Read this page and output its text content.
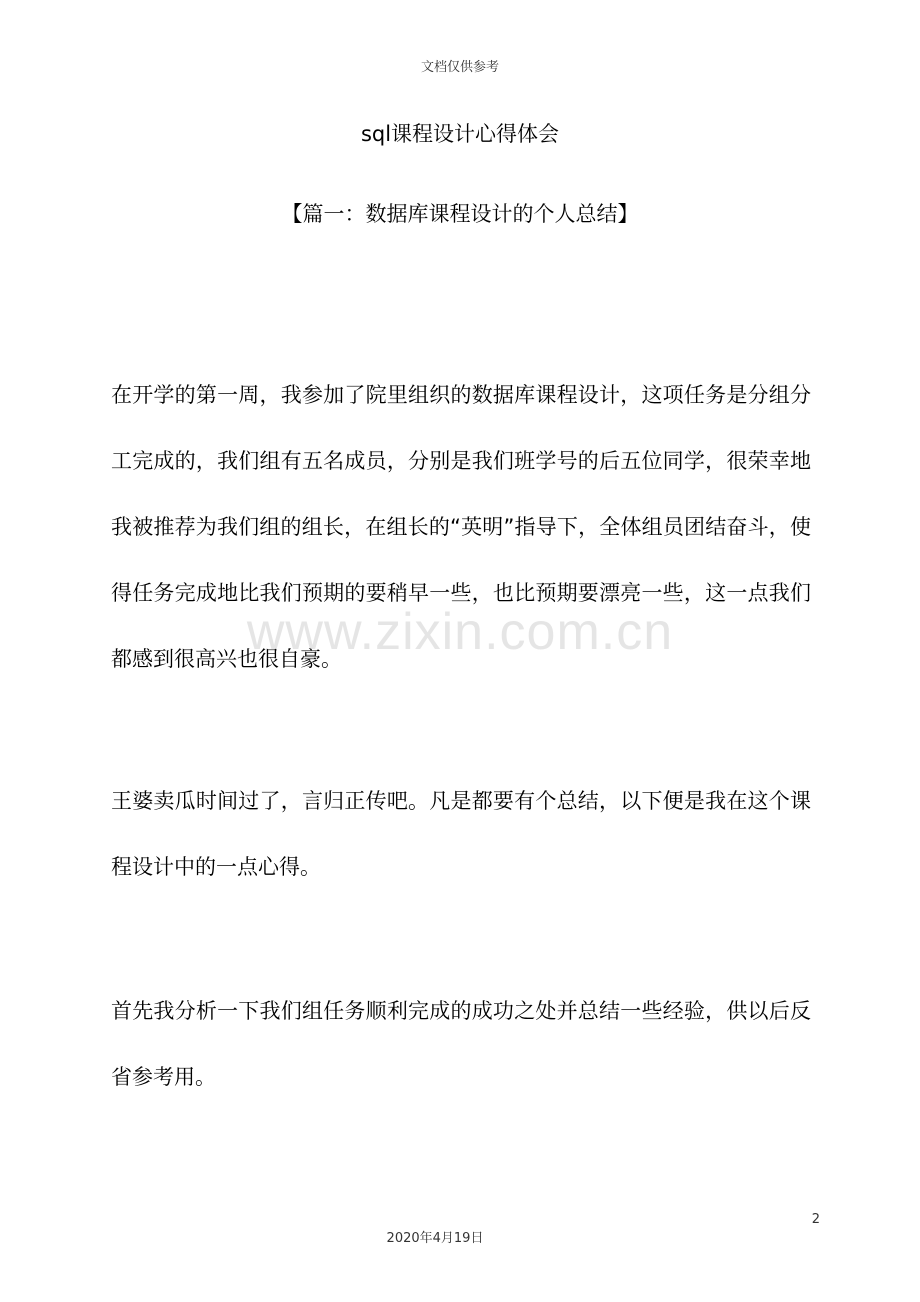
文档仅供参考
sql课程设计心得体会
【篇一：数据库课程设计的个人总结】

在开学的第一周，我参加了院里组织的数据库课程设计，这项任务是分组分工完成的，我们组有五名成员，分别是我们班学号的后五位同学，很荣幸地我被推荐为我们组的组长，在组长的“英明”指导下，全体组员团结奋斗，使得任务完成地比我们预期的要稍早一些，也比预期要漂亮一些，这一点我们都感到很高兴也很自豪。

www.zixin.com.cn

王婆卖瓜时间过了，言归正传吧。凡是都要有个总结，以下便是我在这个课程设计中的一点心得。

首先我分析一下我们组任务顺利完成的成功之处并总结一些经验，供以后反省参考用。

2
2020年4月19日
